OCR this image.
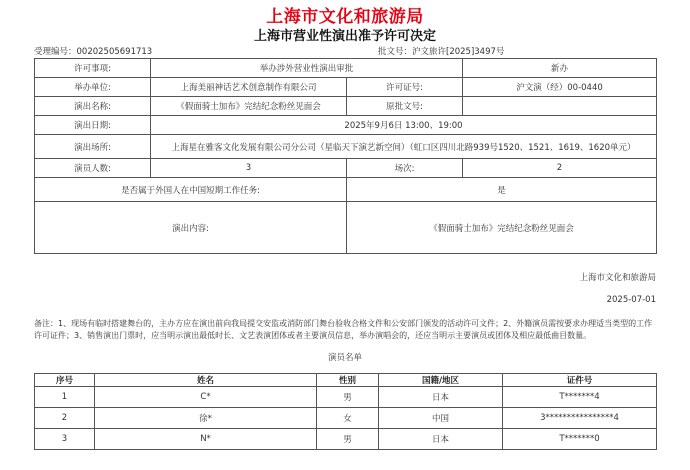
上海市文化和旅游局
上海市营业性演出准予许可决定
受理编号：00202505691713	批文号：沪文旅许[2025]3497号
许可事项:	举办涉外营业性演出审批		新办
举办单位:	上海美丽神话艺术创意制作有限公司	许可证号:	沪文演（经）00-0440
演出名称:	《假面骑士加布》完结纪念粉丝见面会	原批文号:	
演出日期:	2025年9月6日 13:00、19:00		
演出场所:	上海星在雅客文化发展有限公司分公司（星临天下演艺新空间）（虹口区四川北路939号1520、1521、1619、1620单元）		
演员人数:	3	场次:	2
是否属于外国人在中国短期工作任务:		是	
演出内容:		《假面骑士加布》完结纪念粉丝见面会	
上海市文化和旅游局
2025-07-01
备注：1、现场有临时搭建舞台的，主办方应在演出前向我局提交安监或消防部门舞台验收合格文件和公安部门颁发的活动许可文件；2、外籍演员需按要求办理适当类型的工作许可证件；3、销售演出门票时，应当明示演出最低时长、文艺表演团体或者主要演员信息，举办演唱会的，还应当明示主要演员或团体及相应最低曲目数量。
演员名单
序号	姓名	性别	国籍/地区	证件号
1	C*	男	日本	T*******4
2	徐*	女	中国	3****************4
3	N*	男	日本	T*******0
